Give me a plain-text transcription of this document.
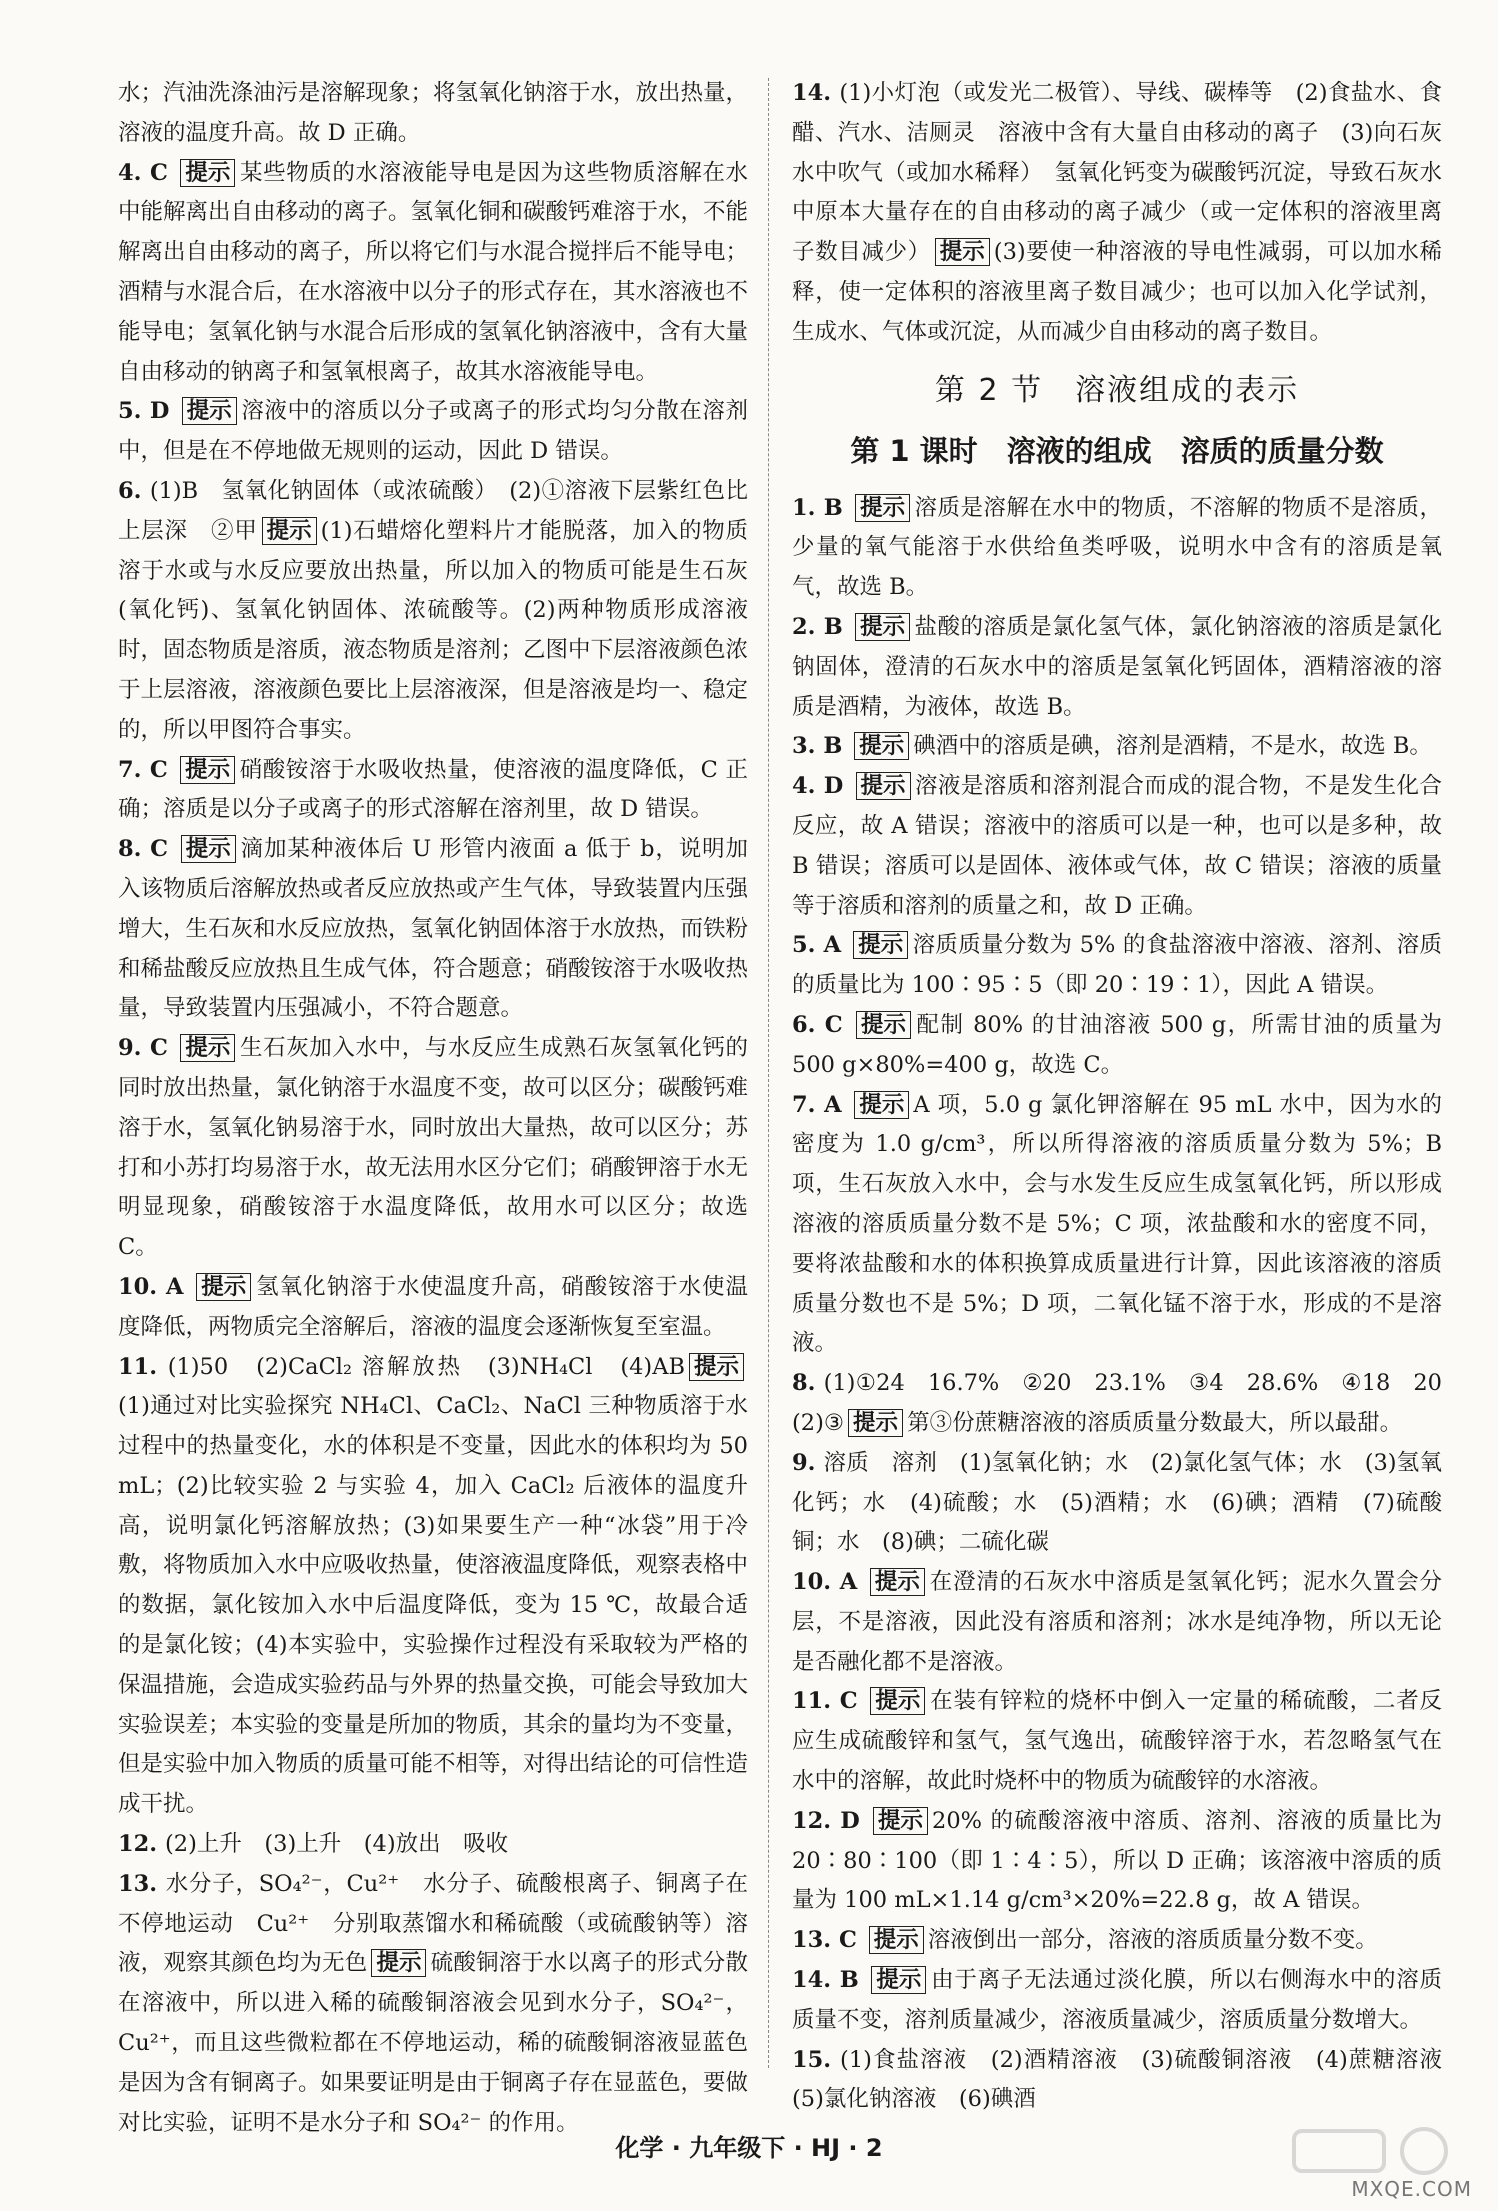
水；汽油洗涤油污是溶解现象；将氢氧化钠溶于水，放出热量，溶液的温度升高。故 D 正确。

4. C 提示 某些物质的水溶液能导电是因为这些物质溶解在水中能解离出自由移动的离子。氢氧化铜和碳酸钙难溶于水，不能解离出自由移动的离子，所以将它们与水混合搅拌后不能导电；酒精与水混合后，在水溶液中以分子的形式存在，其水溶液也不能导电；氢氧化钠与水混合后形成的氢氧化钠溶液中，含有大量自由移动的钠离子和氢氧根离子，故其水溶液能导电。

5. D 提示 溶液中的溶质以分子或离子的形式均匀分散在溶剂中，但是在不停地做无规则的运动，因此 D 错误。

6. (1)B　氢氧化钠固体（或浓硫酸）　(2)①溶液下层紫红色比上层深　②甲 提示 (1)石蜡熔化塑料片才能脱落，加入的物质溶于水或与水反应要放出热量，所以加入的物质可能是生石灰(氧化钙)、氢氧化钠固体、浓硫酸等。(2)两种物质形成溶液时，固态物质是溶质，液态物质是溶剂；乙图中下层溶液颜色浓于上层溶液，溶液颜色要比上层溶液深，但是溶液是均一、稳定的，所以甲图符合事实。

7. C 提示 硝酸铵溶于水吸收热量，使溶液的温度降低，C 正确；溶质是以分子或离子的形式溶解在溶剂里，故 D 错误。

8. C 提示 滴加某种液体后 U 形管内液面 a 低于 b，说明加入该物质后溶解放热或者反应放热或产生气体，导致装置内压强增大，生石灰和水反应放热，氢氧化钠固体溶于水放热，而铁粉和稀盐酸反应放热且生成气体，符合题意；硝酸铵溶于水吸收热量，导致装置内压强减小，不符合题意。

9. C 提示 生石灰加入水中，与水反应生成熟石灰氢氧化钙的同时放出热量，氯化钠溶于水温度不变，故可以区分；碳酸钙难溶于水，氢氧化钠易溶于水，同时放出大量热，故可以区分；苏打和小苏打均易溶于水，故无法用水区分它们；硝酸钾溶于水无明显现象，硝酸铵溶于水温度降低，故用水可以区分；故选 C。

10. A 提示 氢氧化钠溶于水使温度升高，硝酸铵溶于水使温度降低，两物质完全溶解后，溶液的温度会逐渐恢复至室温。

11. (1)50　(2)CaCl₂ 溶解放热　(3)NH₄Cl　(4)AB 提示(1)通过对比实验探究 NH₄Cl、CaCl₂、NaCl 三种物质溶于水过程中的热量变化，水的体积是不变量，因此水的体积均为 50 mL；(2)比较实验 2 与实验 4，加入 CaCl₂ 后液体的温度升高，说明氯化钙溶解放热；(3)如果要生产一种“冰袋”用于冷敷，将物质加入水中应吸收热量，使溶液温度降低，观察表格中的数据，氯化铵加入水中后温度降低，变为 15 ℃，故最合适的是氯化铵；(4)本实验中，实验操作过程没有采取较为严格的保温措施，会造成实验药品与外界的热量交换，可能会导致加大实验误差；本实验的变量是所加的物质，其余的量均为不变量，但是实验中加入物质的质量可能不相等，对得出结论的可信性造成干扰。

12. (2)上升　(3)上升　(4)放出　吸收

13. 水分子，SO₄²⁻，Cu²⁺　水分子、硫酸根离子、铜离子在不停地运动　Cu²⁺　分别取蒸馏水和稀硫酸（或硫酸钠等）溶液，观察其颜色均为无色 提示 硫酸铜溶于水以离子的形式分散在溶液中，所以进入稀的硫酸铜溶液会见到水分子，SO₄²⁻，Cu²⁺，而且这些微粒都在不停地运动，稀的硫酸铜溶液显蓝色是因为含有铜离子。如果要证明是由于铜离子存在显蓝色，要做对比实验，证明不是水分子和 SO₄²⁻ 的作用。

14. (1)小灯泡（或发光二极管）、导线、碳棒等　(2)食盐水、食醋、汽水、洁厕灵　溶液中含有大量自由移动的离子　(3)向石灰水中吹气（或加水稀释）　氢氧化钙变为碳酸钙沉淀，导致石灰水中原本大量存在的自由移动的离子减少（或一定体积的溶液里离子数目减少） 提示 (3)要使一种溶液的导电性减弱，可以加水稀释，使一定体积的溶液里离子数目减少；也可以加入化学试剂，生成水、气体或沉淀，从而减少自由移动的离子数目。

第 2 节　溶液组成的表示
第 1 课时　溶液的组成　溶质的质量分数

1. B 提示 溶质是溶解在水中的物质，不溶解的物质不是溶质，少量的氧气能溶于水供给鱼类呼吸，说明水中含有的溶质是氧气，故选 B。

2. B 提示 盐酸的溶质是氯化氢气体，氯化钠溶液的溶质是氯化钠固体，澄清的石灰水中的溶质是氢氧化钙固体，酒精溶液的溶质是酒精，为液体，故选 B。

3. B 提示 碘酒中的溶质是碘，溶剂是酒精，不是水，故选 B。

4. D 提示 溶液是溶质和溶剂混合而成的混合物，不是发生化合反应，故 A 错误；溶液中的溶质可以是一种，也可以是多种，故 B 错误；溶质可以是固体、液体或气体，故 C 错误；溶液的质量等于溶质和溶剂的质量之和，故 D 正确。

5. A 提示 溶质质量分数为 5% 的食盐溶液中溶液、溶剂、溶质的质量比为 100∶95∶5（即 20∶19∶1），因此 A 错误。

6. C 提示 配制 80% 的甘油溶液 500 g，所需甘油的质量为 500 g×80%=400 g，故选 C。

7. A 提示 A 项，5.0 g 氯化钾溶解在 95 mL 水中，因为水的密度为 1.0 g/cm³，所以所得溶液的溶质质量分数为 5%；B 项，生石灰放入水中，会与水发生反应生成氢氧化钙，所以形成溶液的溶质质量分数不是 5%；C 项，浓盐酸和水的密度不同，要将浓盐酸和水的体积换算成质量进行计算，因此该溶液的溶质质量分数也不是 5%；D 项，二氧化锰不溶于水，形成的不是溶液。

8. (1)①24　16.7%　②20　23.1%　③4　28.6%　④18　20　(2)③ 提示 第③份蔗糖溶液的溶质质量分数最大，所以最甜。

9. 溶质　溶剂　(1)氢氧化钠；水　(2)氯化氢气体；水　(3)氢氧化钙；水　(4)硫酸；水　(5)酒精；水　(6)碘；酒精　(7)硫酸铜；水　(8)碘；二硫化碳

10. A 提示 在澄清的石灰水中溶质是氢氧化钙；泥水久置会分层，不是溶液，因此没有溶质和溶剂；冰水是纯净物，所以无论是否融化都不是溶液。

11. C 提示 在装有锌粒的烧杯中倒入一定量的稀硫酸，二者反应生成硫酸锌和氢气，氢气逸出，硫酸锌溶于水，若忽略氢气在水中的溶解，故此时烧杯中的物质为硫酸锌的水溶液。

12. D 提示 20% 的硫酸溶液中溶质、溶剂、溶液的质量比为 20∶80∶100（即 1∶4∶5），所以 D 正确；该溶液中溶质的质量为 100 mL×1.14 g/cm³×20%=22.8 g，故 A 错误。

13. C 提示 溶液倒出一部分，溶液的溶质质量分数不变。

14. B 提示 由于离子无法通过淡化膜，所以右侧海水中的溶质质量不变，溶剂质量减少，溶液质量减少，溶质质量分数增大。

15. (1)食盐溶液　(2)酒精溶液　(3)硫酸铜溶液　(4)蔗糖溶液　(5)氯化钠溶液　(6)碘酒

化学 · 九年级下 · HJ · 2
MXQE.COM
